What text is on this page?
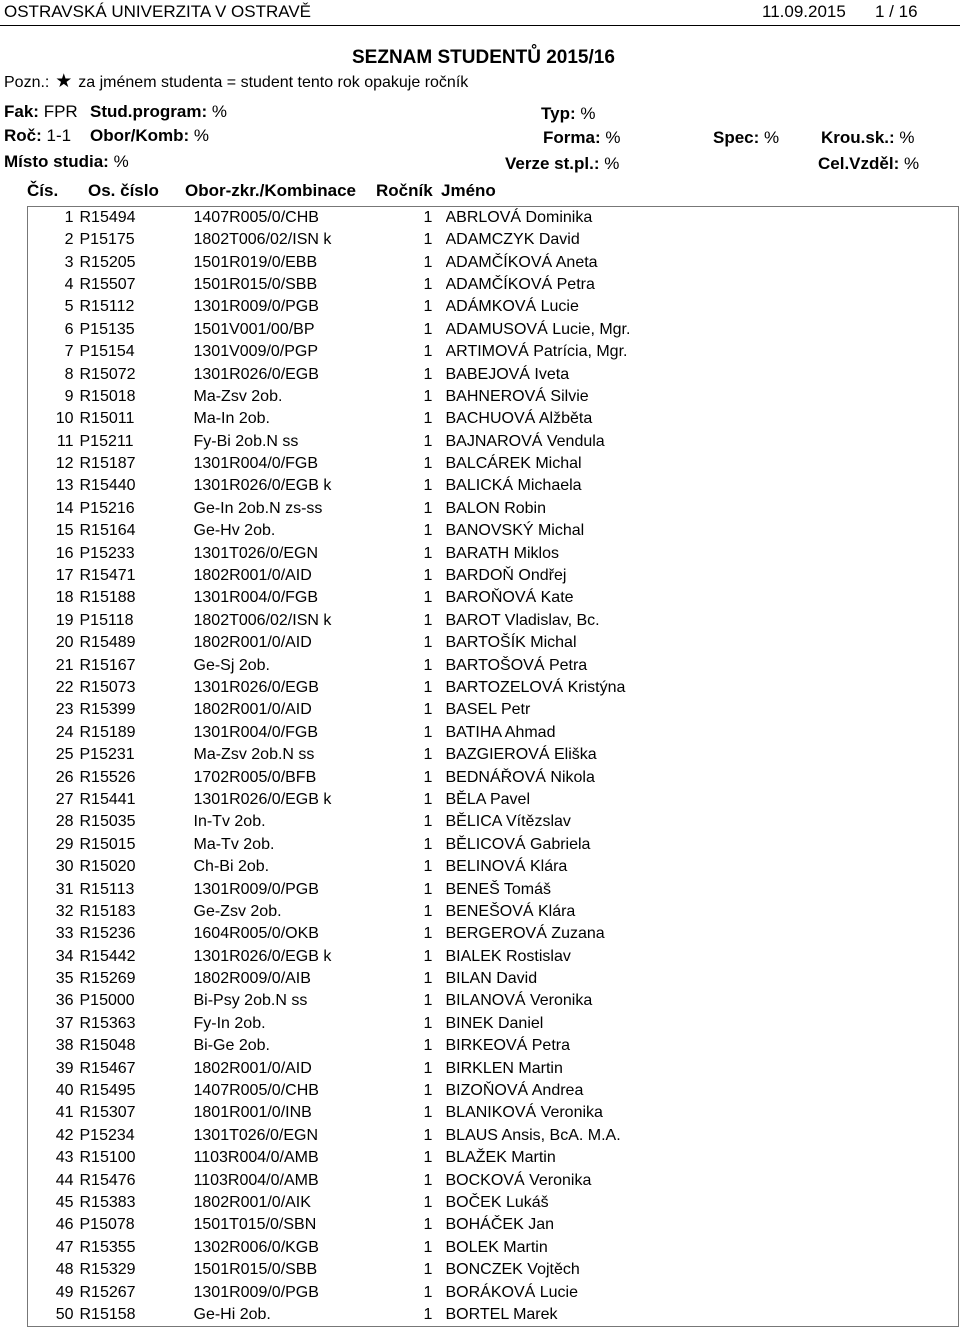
OSTRAVSKÁ UNIVERZITA V OSTRAVĚ	11.09.2015 1 / 16
SEZNAM STUDENTŮ 2015/16
Pozn.: ★ za jménem studenta = student tento rok opakuje ročník
Fak: FPR Stud.program: %	Typ: %
Roč: 1-1 Obor/Komb: %	Forma: %	Spec: % Krou.sk.: %
Místo studia: %	Verze st.pl.: %	Cel.Vzděl: %
Čís. Os. číslo Obor-zkr./Kombinace Ročník Jméno
1	R15494	1407R005/0/CHB	1	ABRLOVÁ Dominika
2	P15175	1802T006/02/ISN k	1	ADAMCZYK David
3	R15205	1501R019/0/EBB	1	ADAMČÍKOVÁ Aneta
4	R15507	1501R015/0/SBB	1	ADAMČÍKOVÁ Petra
5	R15112	1301R009/0/PGB	1	ADÁMKOVÁ Lucie
6	P15135	1501V001/00/BP	1	ADAMUSOVÁ Lucie, Mgr.
7	P15154	1301V009/0/PGP	1	ARTIMOVÁ Patrícia, Mgr.
8	R15072	1301R026/0/EGB	1	BABEJOVÁ Iveta
9	R15018	Ma-Zsv 2ob.	1	BAHNEROVÁ Silvie
10	R15011	Ma-In 2ob.	1	BACHUOVÁ Alžběta
11	P15211	Fy-Bi 2ob.N ss	1	BAJNAROVÁ Vendula
12	R15187	1301R004/0/FGB	1	BALCÁREK Michal
13	R15440	1301R026/0/EGB k	1	BALICKÁ Michaela
14	P15216	Ge-In 2ob.N zs-ss	1	BALON Robin
15	R15164	Ge-Hv 2ob.	1	BANOVSKÝ Michal
16	P15233	1301T026/0/EGN	1	BARATH Miklos
17	R15471	1802R001/0/AID	1	BARDOŇ Ondřej
18	R15188	1301R004/0/FGB	1	BAROŇOVÁ Kate
19	P15118	1802T006/02/ISN k	1	BAROT Vladislav, Bc.
20	R15489	1802R001/0/AID	1	BARTOŠÍK Michal
21	R15167	Ge-Sj 2ob.	1	BARTOŠOVÁ Petra
22	R15073	1301R026/0/EGB	1	BARTOZELOVÁ Kristýna
23	R15399	1802R001/0/AID	1	BASEL Petr
24	R15189	1301R004/0/FGB	1	BATIHA Ahmad
25	P15231	Ma-Zsv 2ob.N ss	1	BAZGIEROVÁ Eliška
26	R15526	1702R005/0/BFB	1	BEDNÁŘOVÁ Nikola
27	R15441	1301R026/0/EGB k	1	BĚLA Pavel
28	R15035	In-Tv 2ob.	1	BĚLICA Vítězslav
29	R15015	Ma-Tv 2ob.	1	BĚLICOVÁ Gabriela
30	R15020	Ch-Bi 2ob.	1	BELINOVÁ Klára
31	R15113	1301R009/0/PGB	1	BENEŠ Tomáš
32	R15183	Ge-Zsv 2ob.	1	BENEŠOVÁ Klára
33	R15236	1604R005/0/OKB	1	BERGEROVÁ Zuzana
34	R15442	1301R026/0/EGB k	1	BIALEK Rostislav
35	R15269	1802R009/0/AIB	1	BILAN David
36	P15000	Bi-Psy 2ob.N ss	1	BILANOVÁ Veronika
37	R15363	Fy-In 2ob.	1	BINEK Daniel
38	R15048	Bi-Ge 2ob.	1	BIRKEOVÁ Petra
39	R15467	1802R001/0/AID	1	BIRKLEN Martin
40	R15495	1407R005/0/CHB	1	BIZOŇOVÁ Andrea
41	R15307	1801R001/0/INB	1	BLANIKOVÁ Veronika
42	P15234	1301T026/0/EGN	1	BLAUS Ansis, BcA. M.A.
43	R15100	1103R004/0/AMB	1	BLAŽEK Martin
44	R15476	1103R004/0/AMB	1	BOCKOVÁ Veronika
45	R15383	1802R001/0/AIK	1	BOČEK Lukáš
46	P15078	1501T015/0/SBN	1	BOHÁČEK Jan
47	R15355	1302R006/0/KGB	1	BOLEK Martin
48	R15329	1501R015/0/SBB	1	BONCZEK Vojtěch
49	R15267	1301R009/0/PGB	1	BORÁKOVÁ Lucie
50	R15158	Ge-Hi 2ob.	1	BORTEL Marek
